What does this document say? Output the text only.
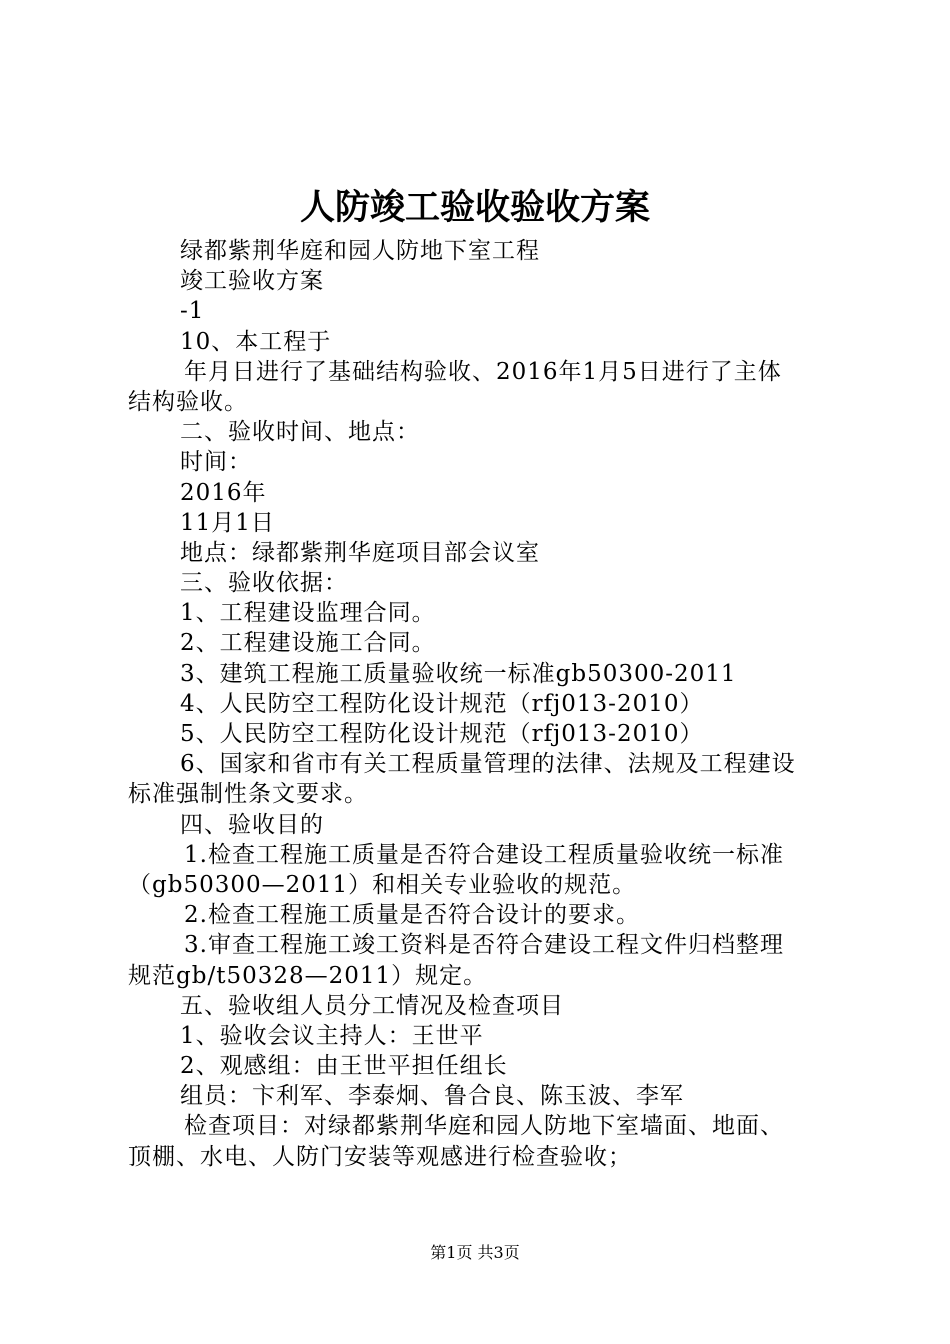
人防竣工验收验收方案
绿都紫荆华庭和园人防地下室工程
竣工验收方案
-1
10、本工程于
年月日进行了基础结构验收、2016年1月5日进行了主体
结构验收。
二、验收时间、地点：
时间：
2016年
11月1日
地点：绿都紫荆华庭项目部会议室
三、验收依据：
1、工程建设监理合同。
2、工程建设施工合同。
3、建筑工程施工质量验收统一标准gb50300-2011
4、人民防空工程防化设计规范（rfj013-2010）
5、人民防空工程防化设计规范（rfj013-2010）
6、国家和省市有关工程质量管理的法律、法规及工程建设
标准强制性条文要求。
四、验收目的
1.检查工程施工质量是否符合建设工程质量验收统一标准
（gb50300—2011）和相关专业验收的规范。
2.检查工程施工质量是否符合设计的要求。
3.审查工程施工竣工资料是否符合建设工程文件归档整理
规范gb/t50328—2011）规定。
五、验收组人员分工情况及检查项目
1、验收会议主持人：王世平
2、观感组：由王世平担任组长
组员：卞利军、李泰炯、鲁合良、陈玉波、李军
检查项目：对绿都紫荆华庭和园人防地下室墙面、地面、
顶棚、水电、人防门安装等观感进行检查验收；
第1页 共3页
